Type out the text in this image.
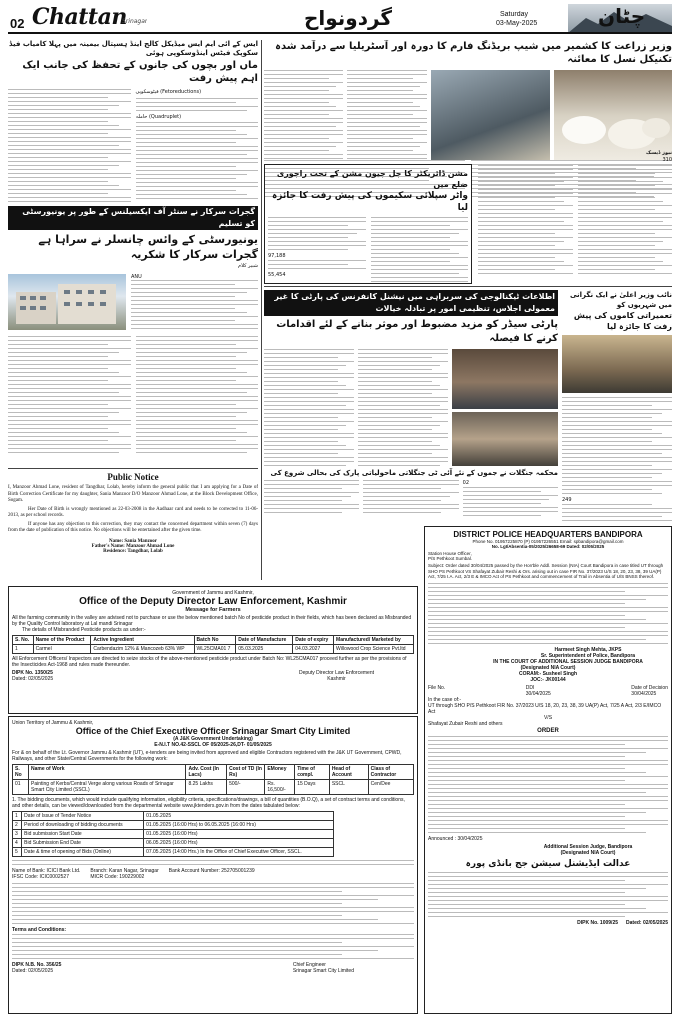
02 Chattan
Srinagar	گردونواح	Saturday
03-May-2025	چٹان
ایس کے آئی ایم ایس میڈیکل کالج اینڈ ہسپتال بیمینہ میں پہلا کامیاب فیڈ سکوپک فیٹس اینڈوسکوپی ہوئی
ماں اور بچوں کی جانوں کے تحفظ کی جانب ایک اہم پیش رفت
فیٹوسکوپی (Fetoreductions)
حاملہ (Quadruplet)
وزیر زراعت کا کشمیر میں شیپ بریڈنگ فارم کا دورہ اور آسٹریلیا سے درآمد شدہ تکنیکل نسل کا معائنہ
مشن ڈائریکٹر کا جل جیون مشن کے تحت راجوری ضلع میں
واٹر سپلائی سکیموں کی پیش رفت کا جائزہ لیا
97,188
55,454
نیوز ڈیسک
310
گجرات سرکار نے سنٹر آف ایکسیلنس کے طور پر یونیورسٹی کو تسلیم
یونیورسٹی کے وائس چانسلر نے سراہا ہے گجرات سرکار کا شکریہ
شبیر کلام
ANU
اطلاعات ٹیکنالوجی کی سربراہی میں نیشنل کانفرنس کی پارٹی کا غیر معمولی اجلاس، تنظیمی امور پر تبادلہ خیالات
پارٹی سیڈر کو مزید مضبوط اور موثر بنانے کے لئے اقدامات کرنے کا فیصلہ
نائب وزیر اعلیٰ نے ایک نگرانی میں شہریوں کو
تعمیراتی کاموں کی پیش رفت کا جائزہ لیا
249
محکمہ جنگلات نے جموں کے نئے آئی ٹی جنگلاتی ماحولیاتی پارک کی بحالی شروع کی
02
Public Notice
I, Manzoor Ahmad Lone, resident of Tangdhar, Lolab, hereby inform the general public that I am applying for a Date of Birth Correction Certificate for my daughter, Sania Manzoor D/O Manzoor Ahmad Lone, at the Block Development Office, Sogam.
Her Date of Birth is wrongly mentioned as 22-03-2008 in the Aadhaar card and needs to be corrected to 11-06-2013, as per school records.
If anyone has any objection to this correction, they may contact the concerned department within seven (7) days from the date of publication of this notice. No objections will be entertained after the given time.
Name: Sania Manzoor
Father's Name: Manzoor Ahmad Lone
Residence: Tangdhar, Lolab
Government of Jammu and Kashmir,
Office of the Deputy Director Law Enforcement, Kashmir
Message for Farmers
All the farming community in the valley are advised not to purchase or use the below mentioned batch No of pesticide product in their fields, which has been declared as Misbranded by the Quality Control laboratory at Lal mandi Srinagar
The details of Misbranded Pesticide products as under:-
S. No.	Name of the Product	Active Ingredient	Batch No	Date of Manufacture	Date of expiry	Manufactured/ Marketed by
1	Carmel	Carbendazim 12% & Mancozeb 63% WP	WL25CMA01 7	05.03.2025	04.03.2027	Willowood Crop Science Pvt.ltd
All Enforcement Officers/ Inspectors are directed to seize stocks of the above-mentioned pesticide product under Batch No: WL25CMA017 proceed further as per the provisions of the Insecticides Act-1968 and rules made thereunder.
DIPK No. 1350/25
Dated: 02/05/2025
Deputy Director Law Enforcement
Kashmir
Union Territory of Jammu & Kashmir,
Office of the Chief Executive Officer Srinagar Smart City Limited
(A J&K Government Undertaking)
E-N.I.T NO.42-SSCL OF 05/2025-26,DT- 01/05/2025
For & on behalf of the Lt. Governor Jammu & Kashmir (UT), e-tenders are being invited from approved and eligible Contractors registered with the J&K UT Government, CPWD, Railways, and other State/Central Governments for the following work:
S. No	Name of Work	Adv. Cost (In Lacs)	Cost of TD (In Rs)	EMoney	Time of compl.	Head of Account	Class of Contractor
01	Painting of Kerbs/Central Verge along various Roads of Srinagar Smart City Limited (SSCL)	8.25 Lakhs	500/-	Rs. 16,500/-	15 Days	SSCL	Cen/Dee
1. The bidding documents, which would include qualifying information, eligibility criteria, specifications/drawings, a bill of quantities (B.O.Q), a set of contract terms and conditions, and other details, can be viewed/downloaded from the departmental website www.jktenders.gov.in from the dates tabulated below:
1	Date of Issue of Tender Notice	01.05.2025
2	Period of downloading of bidding documents	01.05.2025 (16:00 Hrs) to 06.05.2025 (16:00 Hrs)
3	Bid submission Start Date	01.05.2025 (16:00 Hrs)
4	Bid Submission End Date	06.05.2025 (16:00 Hrs)
5	Date & time of opening of Bids (Online)	07.05.2025 (14:00 Hrs.) In the Office of Chief Executive Officer, SSCL.
Name of Bank: ICICI Bank Ltd.
IFSC Code: ICIC0002527
Branch: Karan Nagar, Srinagar
MICR Code: 190229002
Bank Account Number: 252705001239
Terms and Conditions:
DIPK N.B. No. 356/25
Dated: 02/05/2025
Chief Engineer
Srinagar Smart City Limited
DISTRICT POLICE HEADQUARTERS BANDIPORA
Phone No. 01957225870 (P) 01957226551 Email: spbandipora@gmail.com
No. LgI/Absentia-05/2025/26658-69 Dated: 02/05/2025
Station House Officer,
P/S Pethkoot Sumbal.
Subject: Order dated 30/04/2025 passed by the Hon'ble Addl. Session (NIA) Court Bandipora in case titled UT through SHO PS Pethkoot VS Shafayat Zubair Reshi & Ors. arising out in case FIR No. 37/2023 U/S 18, 20, 23, 38, 39 UA(P) Act, 7/25 I.A. Act, 2/3 E & IMCO Act of PS Pethkoot and commencement of Trail in Absentia of U/S BNSS thereof.
Harmeet Singh Mehta, JKPS
Sr. Superintendent of Police, Bandipora
IN THE COURT OF ADDITIONAL SESSION JUDGE BANDIPORA
(Designated NIA Court)
CORAM:- Susheel Singh
JOC:- JK00144
File No.	DDI
30/04/2025
Date of Decision
30/04/2025
In the case of:-
UT through SHO P/S Pethkoot FIR No. 37/2023 U/S 18, 20, 23, 38, 39 UA(P) Act, 7/25 A Act, 2/3 E/IMCO Act
V/S
Shafayat Zubair Reshi and others
ORDER
Announced : 30/04/2025
Additional Session Judge, Bandipora
(Designated NIA Court)
عدالت ایڈیشنل سیشن جج بانڈی پورہ
DIPK No. 1009/25 Dated: 02/05/2025
